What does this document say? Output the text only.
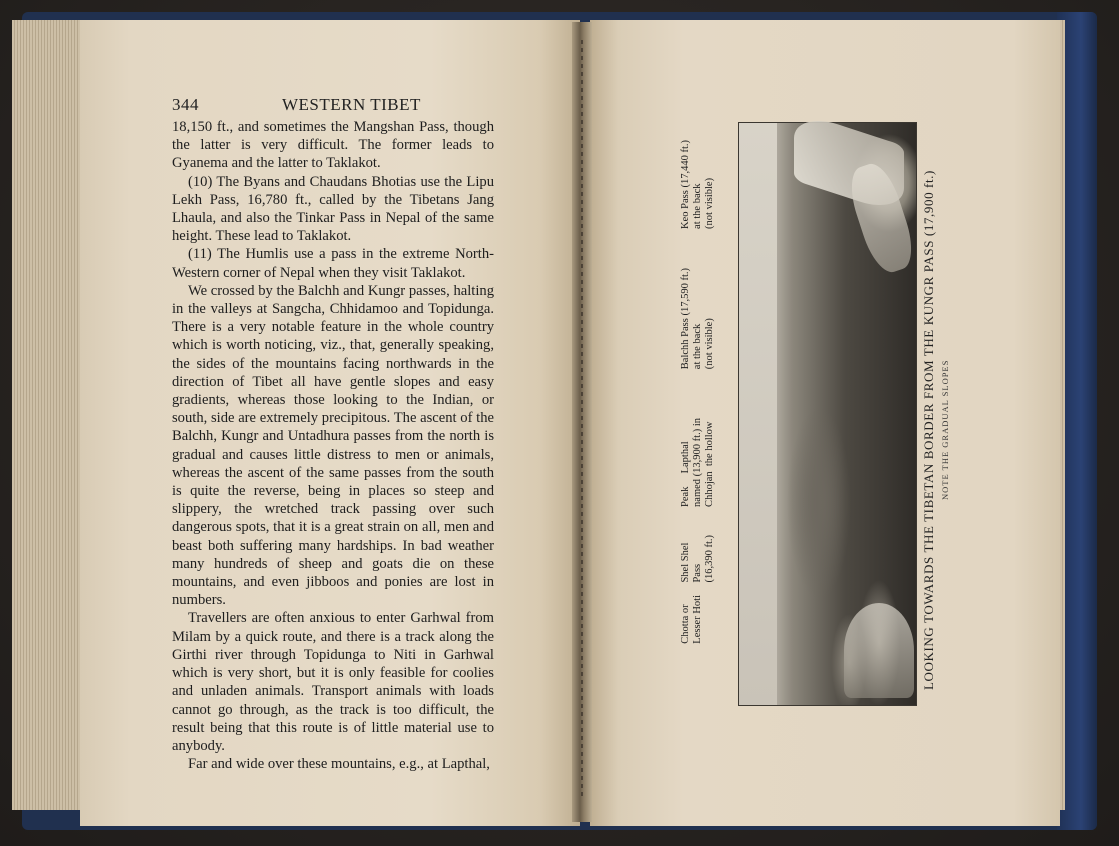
344	WESTERN TIBET

18,150 ft., and sometimes the Mangshan Pass, though the latter is very difficult. The former leads to Gyanema and the latter to Taklakot.

(10) The Byans and Chaudans Bhotias use the Lipu Lekh Pass, 16,780 ft., called by the Tibetans Jang Lhaula, and also the Tinkar Pass in Nepal of the same height. These lead to Taklakot.

(11) The Humlis use a pass in the extreme North-Western corner of Nepal when they visit Taklakot.

We crossed by the Balchh and Kungr passes, halting in the valleys at Sangcha, Chhidamoo and Topidunga. There is a very notable feature in the whole country which is worth noticing, viz., that, generally speaking, the sides of the mountains facing northwards in the direction of Tibet all have gentle slopes and easy gradients, whereas those looking to the Indian, or south, side are extremely precipitous. The ascent of the Balchh, Kungr and Untadhura passes from the north is gradual and causes little distress to men or animals, whereas the ascent of the same passes from the south is quite the reverse, being in places so steep and slippery, the wretched track passing over such dangerous spots, that it is a great strain on all, men and beast both suffering many hardships. In bad weather many hundreds of sheep and goats die on these mountains, and even jibboos and ponies are lost in numbers.

Travellers are often anxious to enter Garhwal from Milam by a quick route, and there is a track along the Girthi river through Topidunga to Niti in Garhwal which is very short, but it is only feasible for coolies and unladen animals. Transport animals with loads cannot go through, as the track is too difficult, the result being that this route is of little material use to anybody.

Far and wide over these mountains, e.g., at Lapthal,

Chotta or
Lesser Hoti
Shel Shel
Pass
(16,390 ft.)
Peak     Lapthal
named (13,900 ft.) in
Chhojan  the hollow
Balchh Pass (17,590 ft.)
at the back
(not visible)
Keo Pass (17,440 ft.)
at the back
(not visible)	LOOKING TOWARDS THE TIBETAN BORDER FROM THE KUNGR PASS (17,900 ft.) NOTE THE GRADUAL SLOPES
